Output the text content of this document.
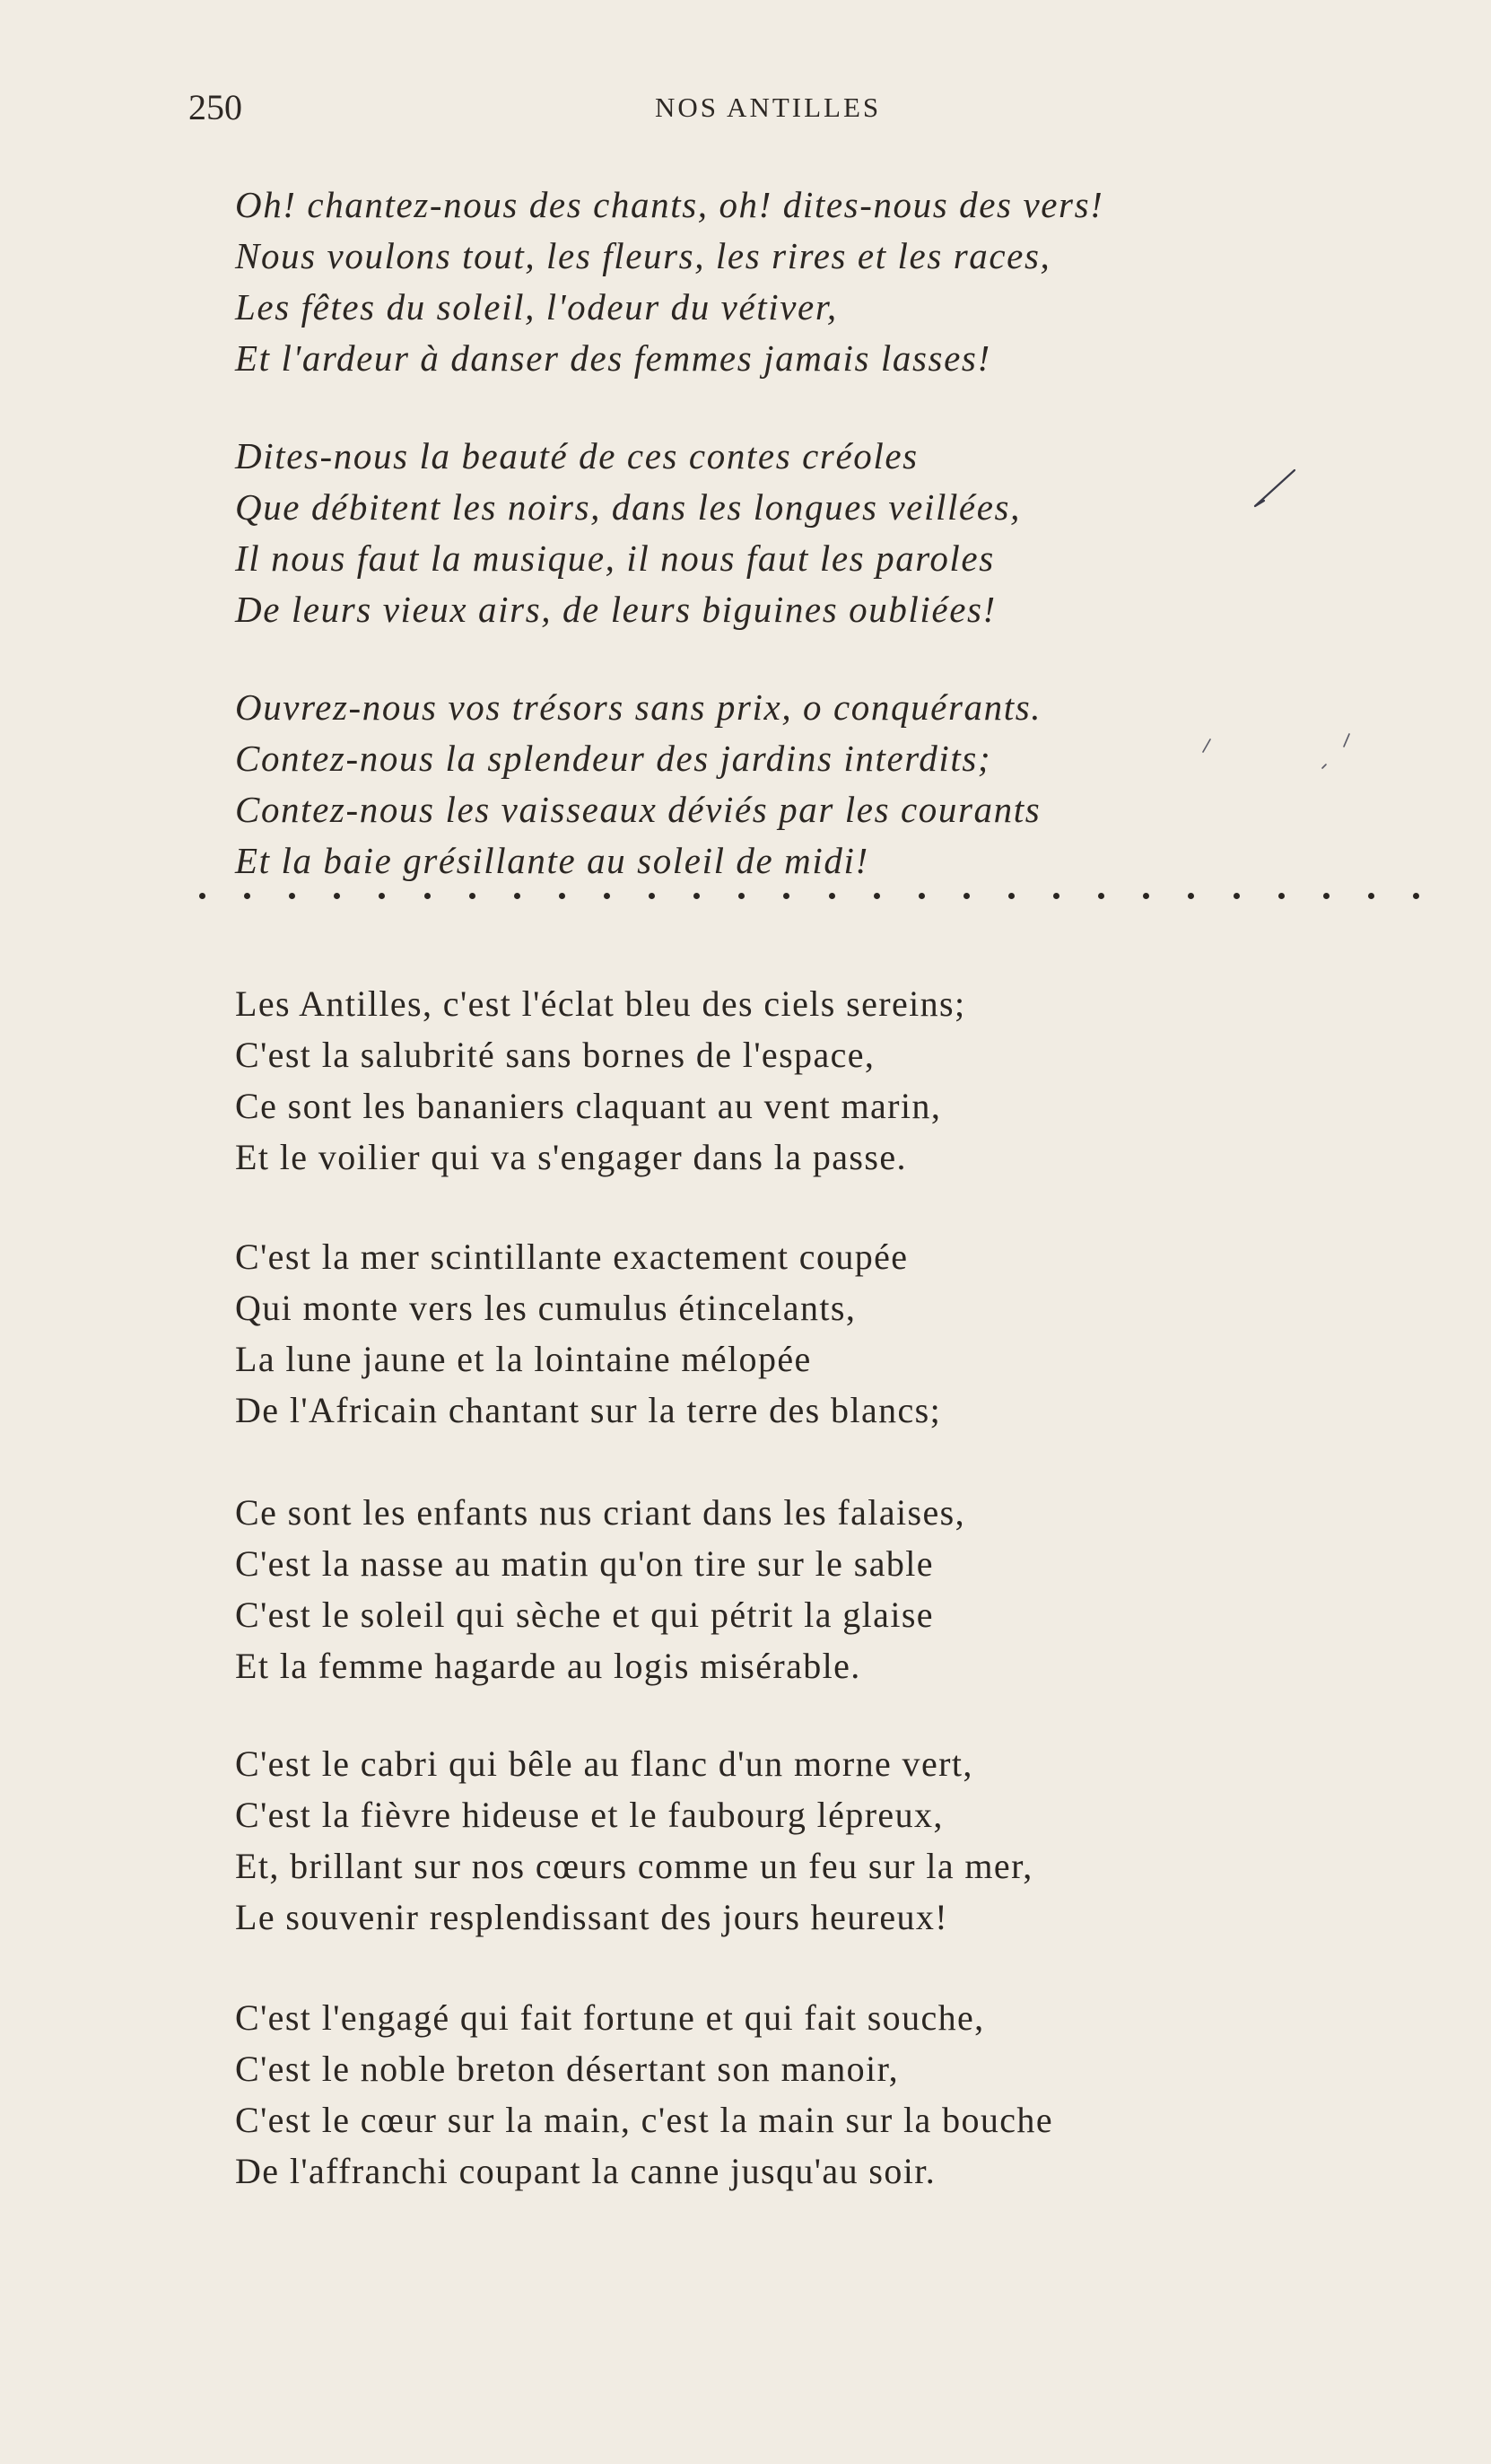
250	NOS ANTILLES
Oh! chantez-nous des chants, oh! dites-nous des vers!
Nous voulons tout, les fleurs, les rires et les races,
Les fêtes du soleil, l'odeur du vétiver,
Et l'ardeur à danser des femmes jamais lasses!
Dites-nous la beauté de ces contes créoles
Que débitent les noirs, dans les longues veillées,
Il nous faut la musique, il nous faut les paroles
De leurs vieux airs, de leurs biguines oubliées!
Ouvrez-nous vos trésors sans prix, o conquérants.
Contez-nous la splendeur des jardins interdits;
Contez-nous les vaisseaux déviés par les courants
Et la baie grésillante au soleil de midi!
Les Antilles, c'est l'éclat bleu des ciels sereins;
C'est la salubrité sans bornes de l'espace,
Ce sont les bananiers claquant au vent marin,
Et le voilier qui va s'engager dans la passe.
C'est la mer scintillante exactement coupée
Qui monte vers les cumulus étincelants,
La lune jaune et la lointaine mélopée
De l'Africain chantant sur la terre des blancs;
Ce sont les enfants nus criant dans les falaises,
C'est la nasse au matin qu'on tire sur le sable
C'est le soleil qui sèche et qui pétrit la glaise
Et la femme hagarde au logis misérable.
C'est le cabri qui bêle au flanc d'un morne vert,
C'est la fièvre hideuse et le faubourg lépreux,
Et, brillant sur nos cœurs comme un feu sur la mer,
Le souvenir resplendissant des jours heureux!
C'est l'engagé qui fait fortune et qui fait souche,
C'est le noble breton désertant son manoir,
C'est le cœur sur la main, c'est la main sur la bouche
De l'affranchi coupant la canne jusqu'au soir.
